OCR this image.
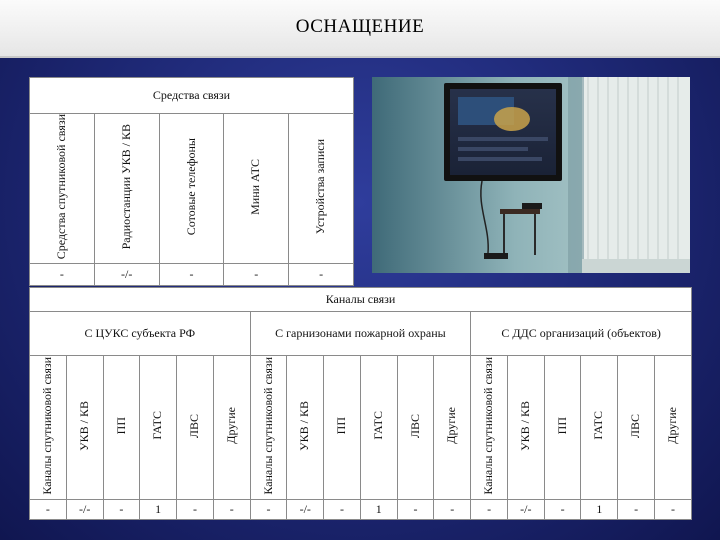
ОСНАЩЕНИЕ
Средства связи				
Средства спутниковой связи	Радиостанции УКВ / КВ	Сотовые телефоны	Мини АТС	Устройства записи
-	-/-	-	-	-
Каналы связи																	
С ЦУКС субъекта РФ						С гарнизонами пожарной охраны						С ДДС организаций (объектов)					
Каналы спутниковой связи	УКВ / КВ	ПП	ГАТС	ЛВС	Другие	Каналы спутниковой связи	УКВ / КВ	ПП	ГАТС	ЛВС	Другие	Каналы спутниковой связи	УКВ / КВ	ПП	ГАТС	ЛВС	Другие
-	-/-	-	1	-	-	-	-/-	-	1	-	-	-	-/-	-	1	-	-
